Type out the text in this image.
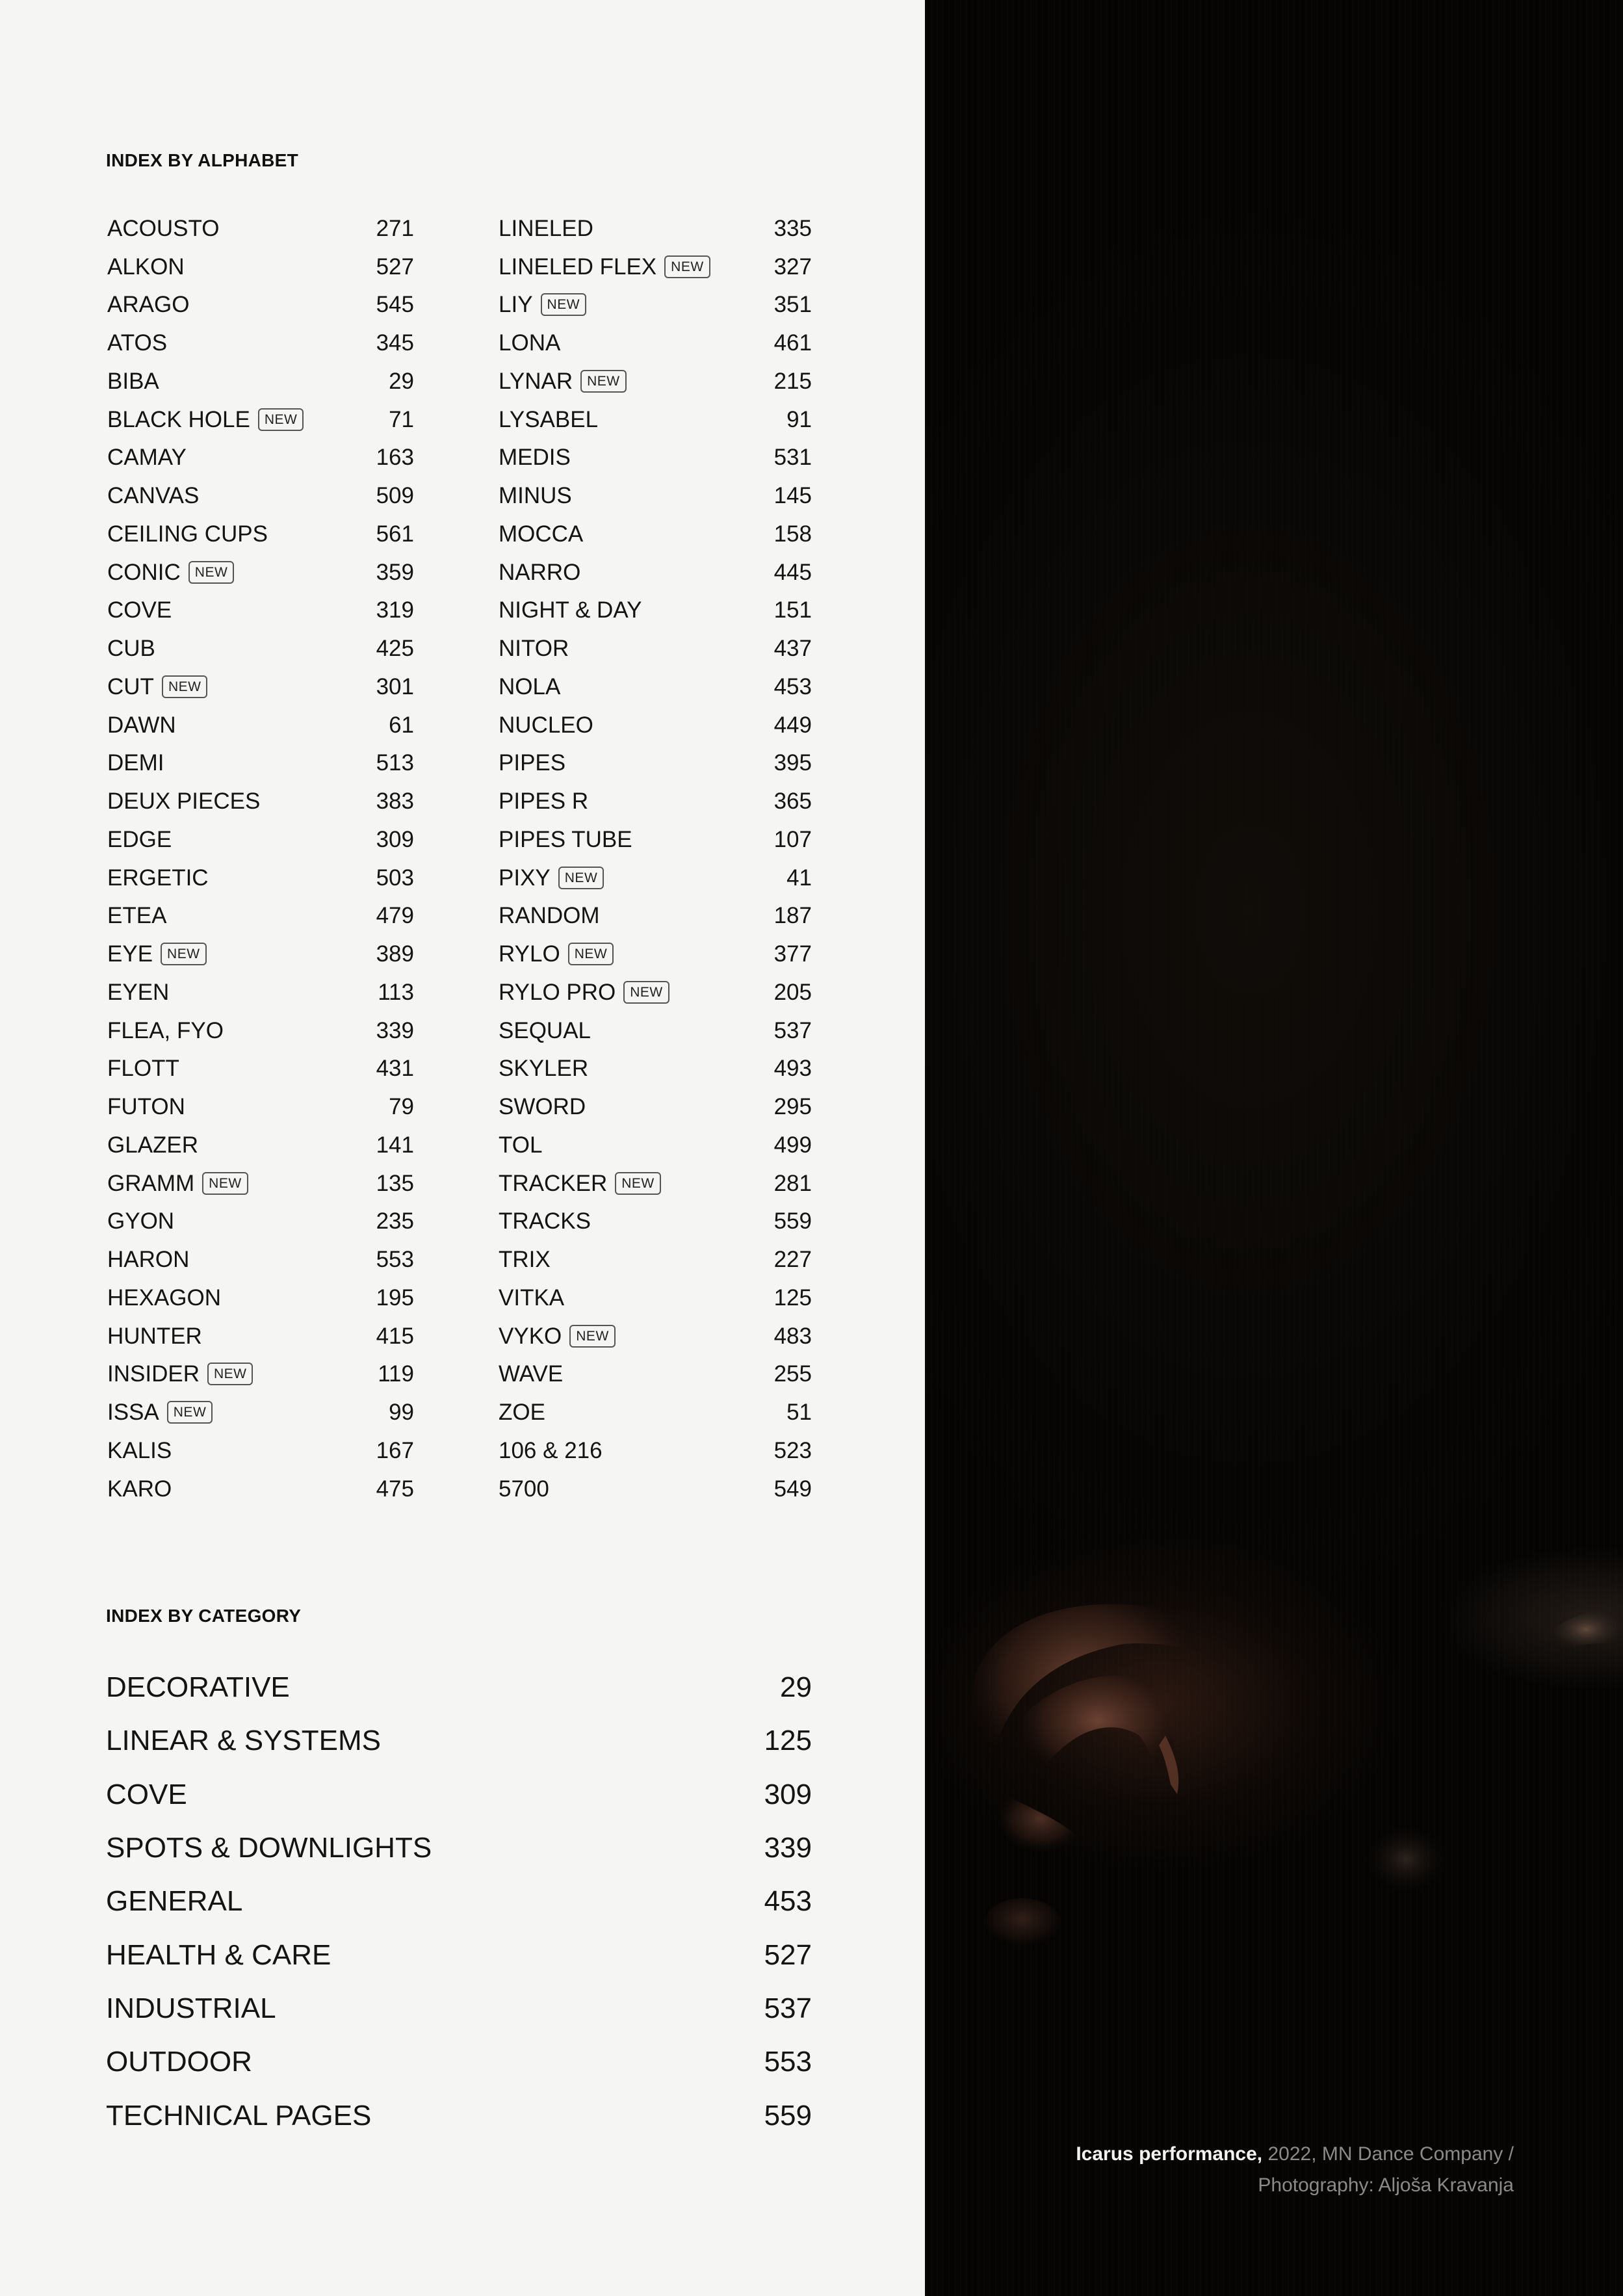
INDEX BY ALPHABET
ACOUSTO	271
ALKON	527
ARAGO	545
ATOS	345
BIBA	29
BLACK HOLE	NEW	71
CAMAY	163
CANVAS	509
CEILING CUPS	561
CONIC	NEW	359
COVE	319
CUB	425
CUT	NEW	301
DAWN	61
DEMI	513
DEUX PIECES	383
EDGE	309
ERGETIC	503
ETEA	479
EYE	NEW	389
EYEN	113
FLEA, FYO	339
FLOTT	431
FUTON	79
GLAZER	141
GRAMM	NEW	135
GYON	235
HARON	553
HEXAGON	195
HUNTER	415
INSIDER	NEW	119
ISSA	NEW	99
KALIS	167
KARO	475
LINELED	335
LINELED FLEX	NEW	327
LIY	NEW	351
LONA	461
LYNAR	NEW	215
LYSABEL	91
MEDIS	531
MINUS	145
MOCCA	158
NARRO	445
NIGHT & DAY	151
NITOR	437
NOLA	453
NUCLEO	449
PIPES	395
PIPES R	365
PIPES TUBE	107
PIXY	NEW	41
RANDOM	187
RYLO	NEW	377
RYLO PRO	NEW	205
SEQUAL	537
SKYLER	493
SWORD	295
TOL	499
TRACKER	NEW	281
TRACKS	559
TRIX	227
VITKA	125
VYKO	NEW	483
WAVE	255
ZOE	51
106 & 216	523
5700	549
INDEX BY CATEGORY
DECORATIVE	29
LINEAR & SYSTEMS	125
COVE	309
SPOTS & DOWNLIGHTS	339
GENERAL	453
HEALTH & CARE	527
INDUSTRIAL	537
OUTDOOR	553
TECHNICAL PAGES	559
Icarus performance, 2022, MN Dance Company /
Photography: Aljoša Kravanja
